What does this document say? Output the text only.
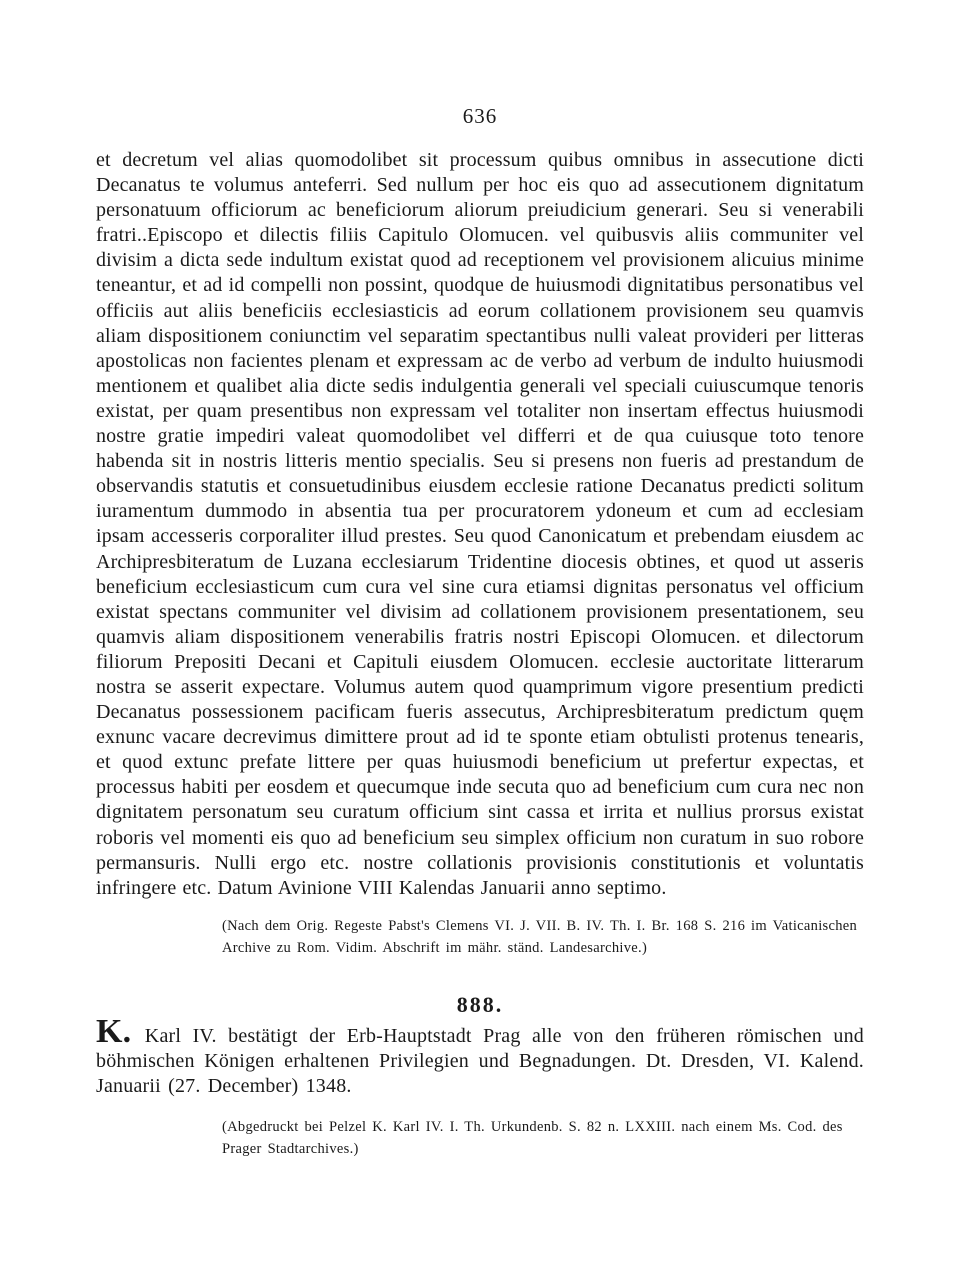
636

et decretum vel alias quomodolibet sit processum quibus omnibus in assecutione dicti Decanatus te volumus anteferri. Sed nullum per hoc eis quo ad assecutionem dignitatum personatuum officiorum ac beneficiorum aliorum preiudicium generari. Seu si venerabili fratri..Episcopo et dilectis filiis Capitulo Olomucen. vel quibusvis aliis communiter vel divisim a dicta sede indultum existat quod ad receptionem vel provisionem alicuius minime teneantur, et ad id compelli non possint, quodque de huiusmodi dignitatibus personatibus vel officiis aut aliis beneficiis ecclesiasticis ad eorum collationem provisionem seu quamvis aliam dispositionem coniunctim vel separatim spectantibus nulli valeat provideri per litteras apostolicas non facientes plenam et expressam ac de verbo ad verbum de indulto huiusmodi mentionem et qualibet alia dicte sedis indulgentia generali vel speciali cuiuscumque tenoris existat, per quam presentibus non expressam vel totaliter non insertam effectus huiusmodi nostre gratie impediri valeat quomodolibet vel differri et de qua cuiusque toto tenore habenda sit in nostris litteris mentio specialis. Seu si presens non fueris ad prestandum de observandis statutis et consuetudinibus eiusdem ecclesie ratione Decanatus predicti solitum iuramentum dummodo in absentia tua per procuratorem ydoneum et cum ad ecclesiam ipsam accesseris corporaliter illud prestes. Seu quod Canonicatum et prebendam eiusdem ac Archipresbiteratum de Luzana ecclesiarum Tridentine diocesis obtines, et quod ut asseris beneficium ecclesiasticum cum cura vel sine cura etiamsi dignitas personatus vel officium existat spectans communiter vel divisim ad collationem provisionem presentationem, seu quamvis aliam dispositionem venerabilis fratris nostri Episcopi Olomucen. et dilectorum filiorum Prepositi Decani et Capituli eiusdem Olomucen. ecclesie auctoritate litterarum nostra se asserit expectare. Volumus autem quod quamprimum vigore presentium predicti Decanatus possessionem pacificam fueris assecutus, Archipresbiteratum predictum quęm exnunc vacare decrevimus dimittere prout ad id te sponte etiam obtulisti protenus tenearis, et quod extunc prefate littere per quas huiusmodi beneficium ut prefertur expectas, et processus habiti per eosdem et quecumque inde secuta quo ad beneficium cum cura nec non dignitatem personatum seu curatum officium sint cassa et irrita et nullius prorsus existat roboris vel momenti eis quo ad beneficium seu simplex officium non curatum in suo robore permansuris. Nulli ergo etc. nostre collationis provisionis constitutionis et voluntatis infringere etc. Datum Avinione VIII Kalendas Januarii anno septimo.

(Nach dem Orig. Regeste Pabst's Clemens VI. J. VII. B. IV. Th. I. Br. 168 S. 216 im Vaticanischen Archive zu Rom. Vidim. Abschrift im mähr. ständ. Landesarchive.)

888.

K. Karl IV. bestätigt der Erb-Hauptstadt Prag alle von den früheren römischen und böhmischen Königen erhaltenen Privilegien und Begnadungen. Dt. Dresden, VI. Kalend. Januarii (27. December) 1348.

(Abgedruckt bei Pelzel K. Karl IV. I. Th. Urkundenb. S. 82 n. LXXIII. nach einem Ms. Cod. des Prager Stadtarchives.)
